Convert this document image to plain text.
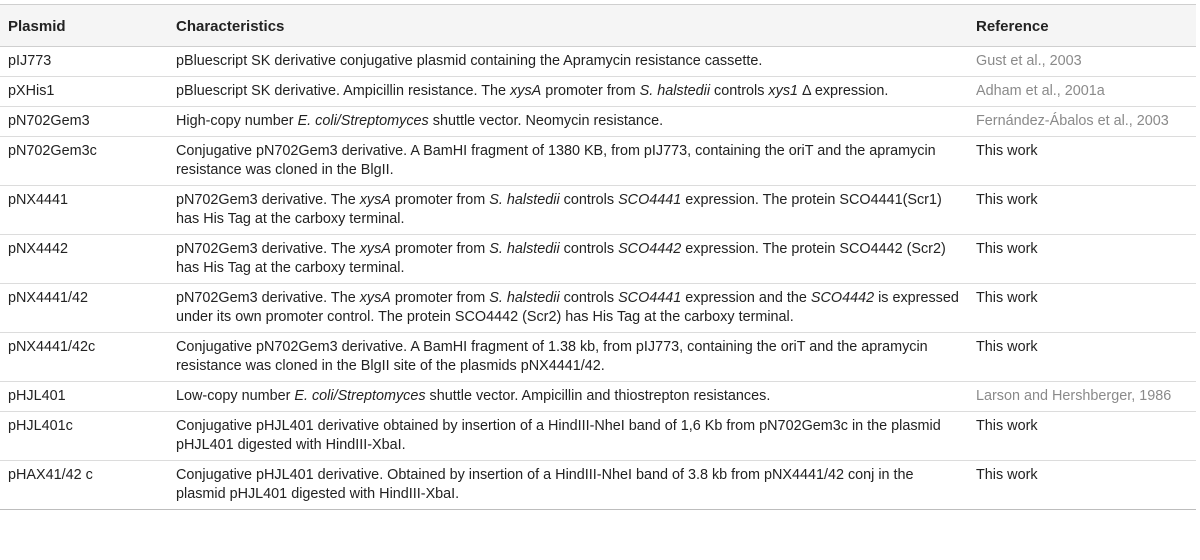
Plasmid	Characteristics	Reference
pIJ773	pBluescript SK derivative conjugative plasmid containing the Apramycin resistance cassette.	Gust et al., 2003
pXHis1	pBluescript SK derivative. Ampicillin resistance. The xysA promoter from S. halstedii controls xys1 Δ expression.	Adham et al., 2001a
pN702Gem3	High-copy number E. coli/Streptomyces shuttle vector. Neomycin resistance.	Fernández-Ábalos et al., 2003
pN702Gem3c	Conjugative pN702Gem3 derivative. A BamHI fragment of 1380 KB, from pIJ773, containing the oriT and the apramycin resistance was cloned in the BlgII.	This work
pNX4441	pN702Gem3 derivative. The xysA promoter from S. halstedii controls SCO4441 expression. The protein SCO4441(Scr1) has His Tag at the carboxy terminal.	This work
pNX4442	pN702Gem3 derivative. The xysA promoter from S. halstedii controls SCO4442 expression. The protein SCO4442 (Scr2) has His Tag at the carboxy terminal.	This work
pNX4441/42	pN702Gem3 derivative. The xysA promoter from S. halstedii controls SCO4441 expression and the SCO4442 is expressed under its own promoter control. The protein SCO4442 (Scr2) has His Tag at the carboxy terminal.	This work
pNX4441/42c	Conjugative pN702Gem3 derivative. A BamHI fragment of 1.38 kb, from pIJ773, containing the oriT and the apramycin resistance was cloned in the BlgII site of the plasmids pNX4441/42.	This work
pHJL401	Low-copy number E. coli/Streptomyces shuttle vector. Ampicillin and thiostrepton resistances.	Larson and Hershberger, 1986
pHJL401c	Conjugative pHJL401 derivative obtained by insertion of a HindIII-NheI band of 1,6 Kb from pN702Gem3c in the plasmid pHJL401 digested with HindIII-XbaI.	This work
pHAX41/42 c	Conjugative pHJL401 derivative. Obtained by insertion of a HindIII-NheI band of 3.8 kb from pNX4441/42 conj in the plasmid pHJL401 digested with HindIII-XbaI.	This work
